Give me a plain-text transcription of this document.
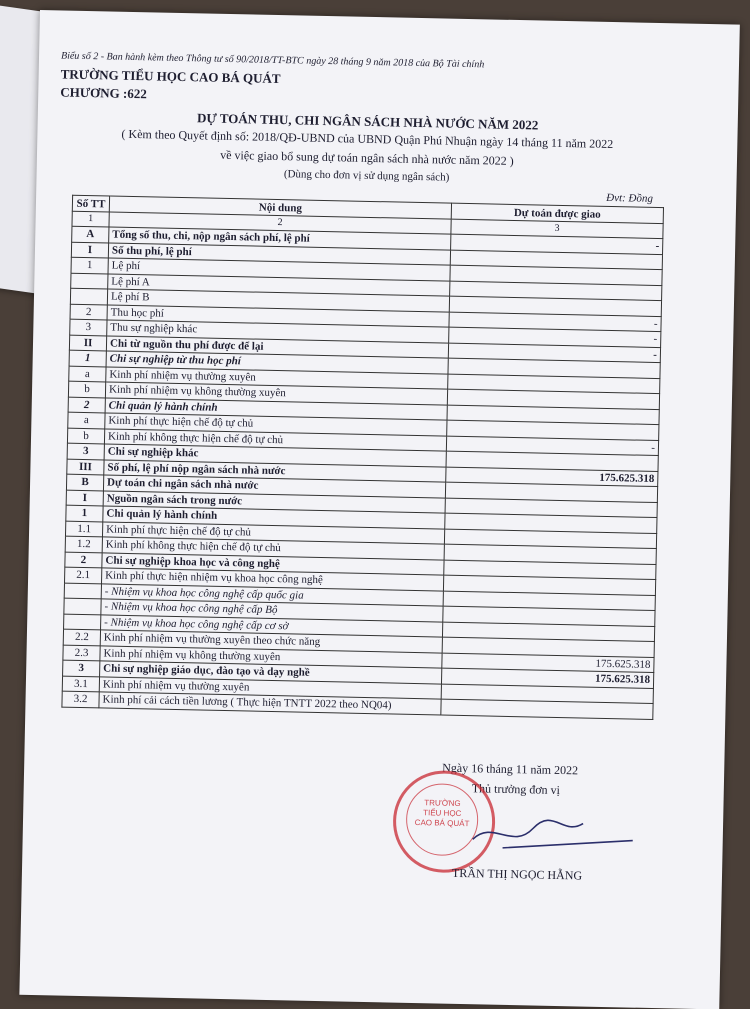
Biểu số 2 - Ban hành kèm theo Thông tư số 90/2018/TT-BTC ngày 28 tháng 9 năm 2018 của Bộ Tài chính
TRƯỜNG TIỂU HỌC CAO BÁ QUÁT
CHƯƠNG :622
DỰ TOÁN THU, CHI NGÂN SÁCH NHÀ NƯỚC NĂM 2022
( Kèm theo Quyết định số: 2018/QĐ-UBND của UBND Quận Phú Nhuận ngày 14 tháng 11 năm 2022
về việc giao bổ sung dự toán ngân sách nhà nước năm 2022 )
(Dùng cho đơn vị sử dụng ngân sách)
Đvt: Đồng
Số TT	Nội dung	Dự toán được giao
1	2	3
A	Tổng số thu, chi, nộp ngân sách phí, lệ phí	-
I	Số thu phí, lệ phí	
1	Lệ phí	
	Lệ phí A	
	Lệ phí B	
2	Thu học phí	-
3	Thu sự nghiệp khác	-
II	Chi từ nguồn thu phí được để lại	-
1	Chi sự nghiệp từ thu học phí	
a	Kinh phí nhiệm vụ thường xuyên	
b	Kinh phí nhiệm vụ không thường xuyên	
2	Chi quản lý hành chính	
a	Kinh phí thực hiện chế độ tự chủ	
b	Kinh phí không thực hiện chế độ tự chủ	-
3	Chi sự nghiệp khác	
III	Số phí, lệ phí nộp ngân sách nhà nước	175.625.318
B	Dự toán chi ngân sách nhà nước	
I	Nguồn ngân sách trong nước	
1	Chi quản lý hành chính	
1.1	Kinh phí thực hiện chế độ tự chủ	
1.2	Kinh phí không thực hiện chế độ tự chủ	
2	Chi sự nghiệp khoa học và công nghệ	
2.1	Kinh phí thực hiện nhiệm vụ khoa học công nghệ	
	- Nhiệm vụ khoa học công nghệ cấp quốc gia	
	- Nhiệm vụ khoa học công nghệ cấp Bộ	
	- Nhiệm vụ khoa học công nghệ cấp cơ sở	
2.2	Kinh phí nhiệm vụ thường xuyên theo chức năng	
2.3	Kinh phí nhiệm vụ không thường xuyên	175.625.318
3	Chi sự nghiệp giáo dục, đào tạo và dạy nghề	175.625.318
3.1	Kinh phí nhiệm vụ thường xuyên	
3.2	Kinh phí cải cách tiền lương ( Thực hiện TNTT 2022 theo NQ04)	
Ngày 16 tháng 11 năm 2022
Thủ trưởng đơn vị
TRƯỜNG
TIỂU HỌC
CAO BÁ QUÁT
TRẦN THỊ NGỌC HẰNG
